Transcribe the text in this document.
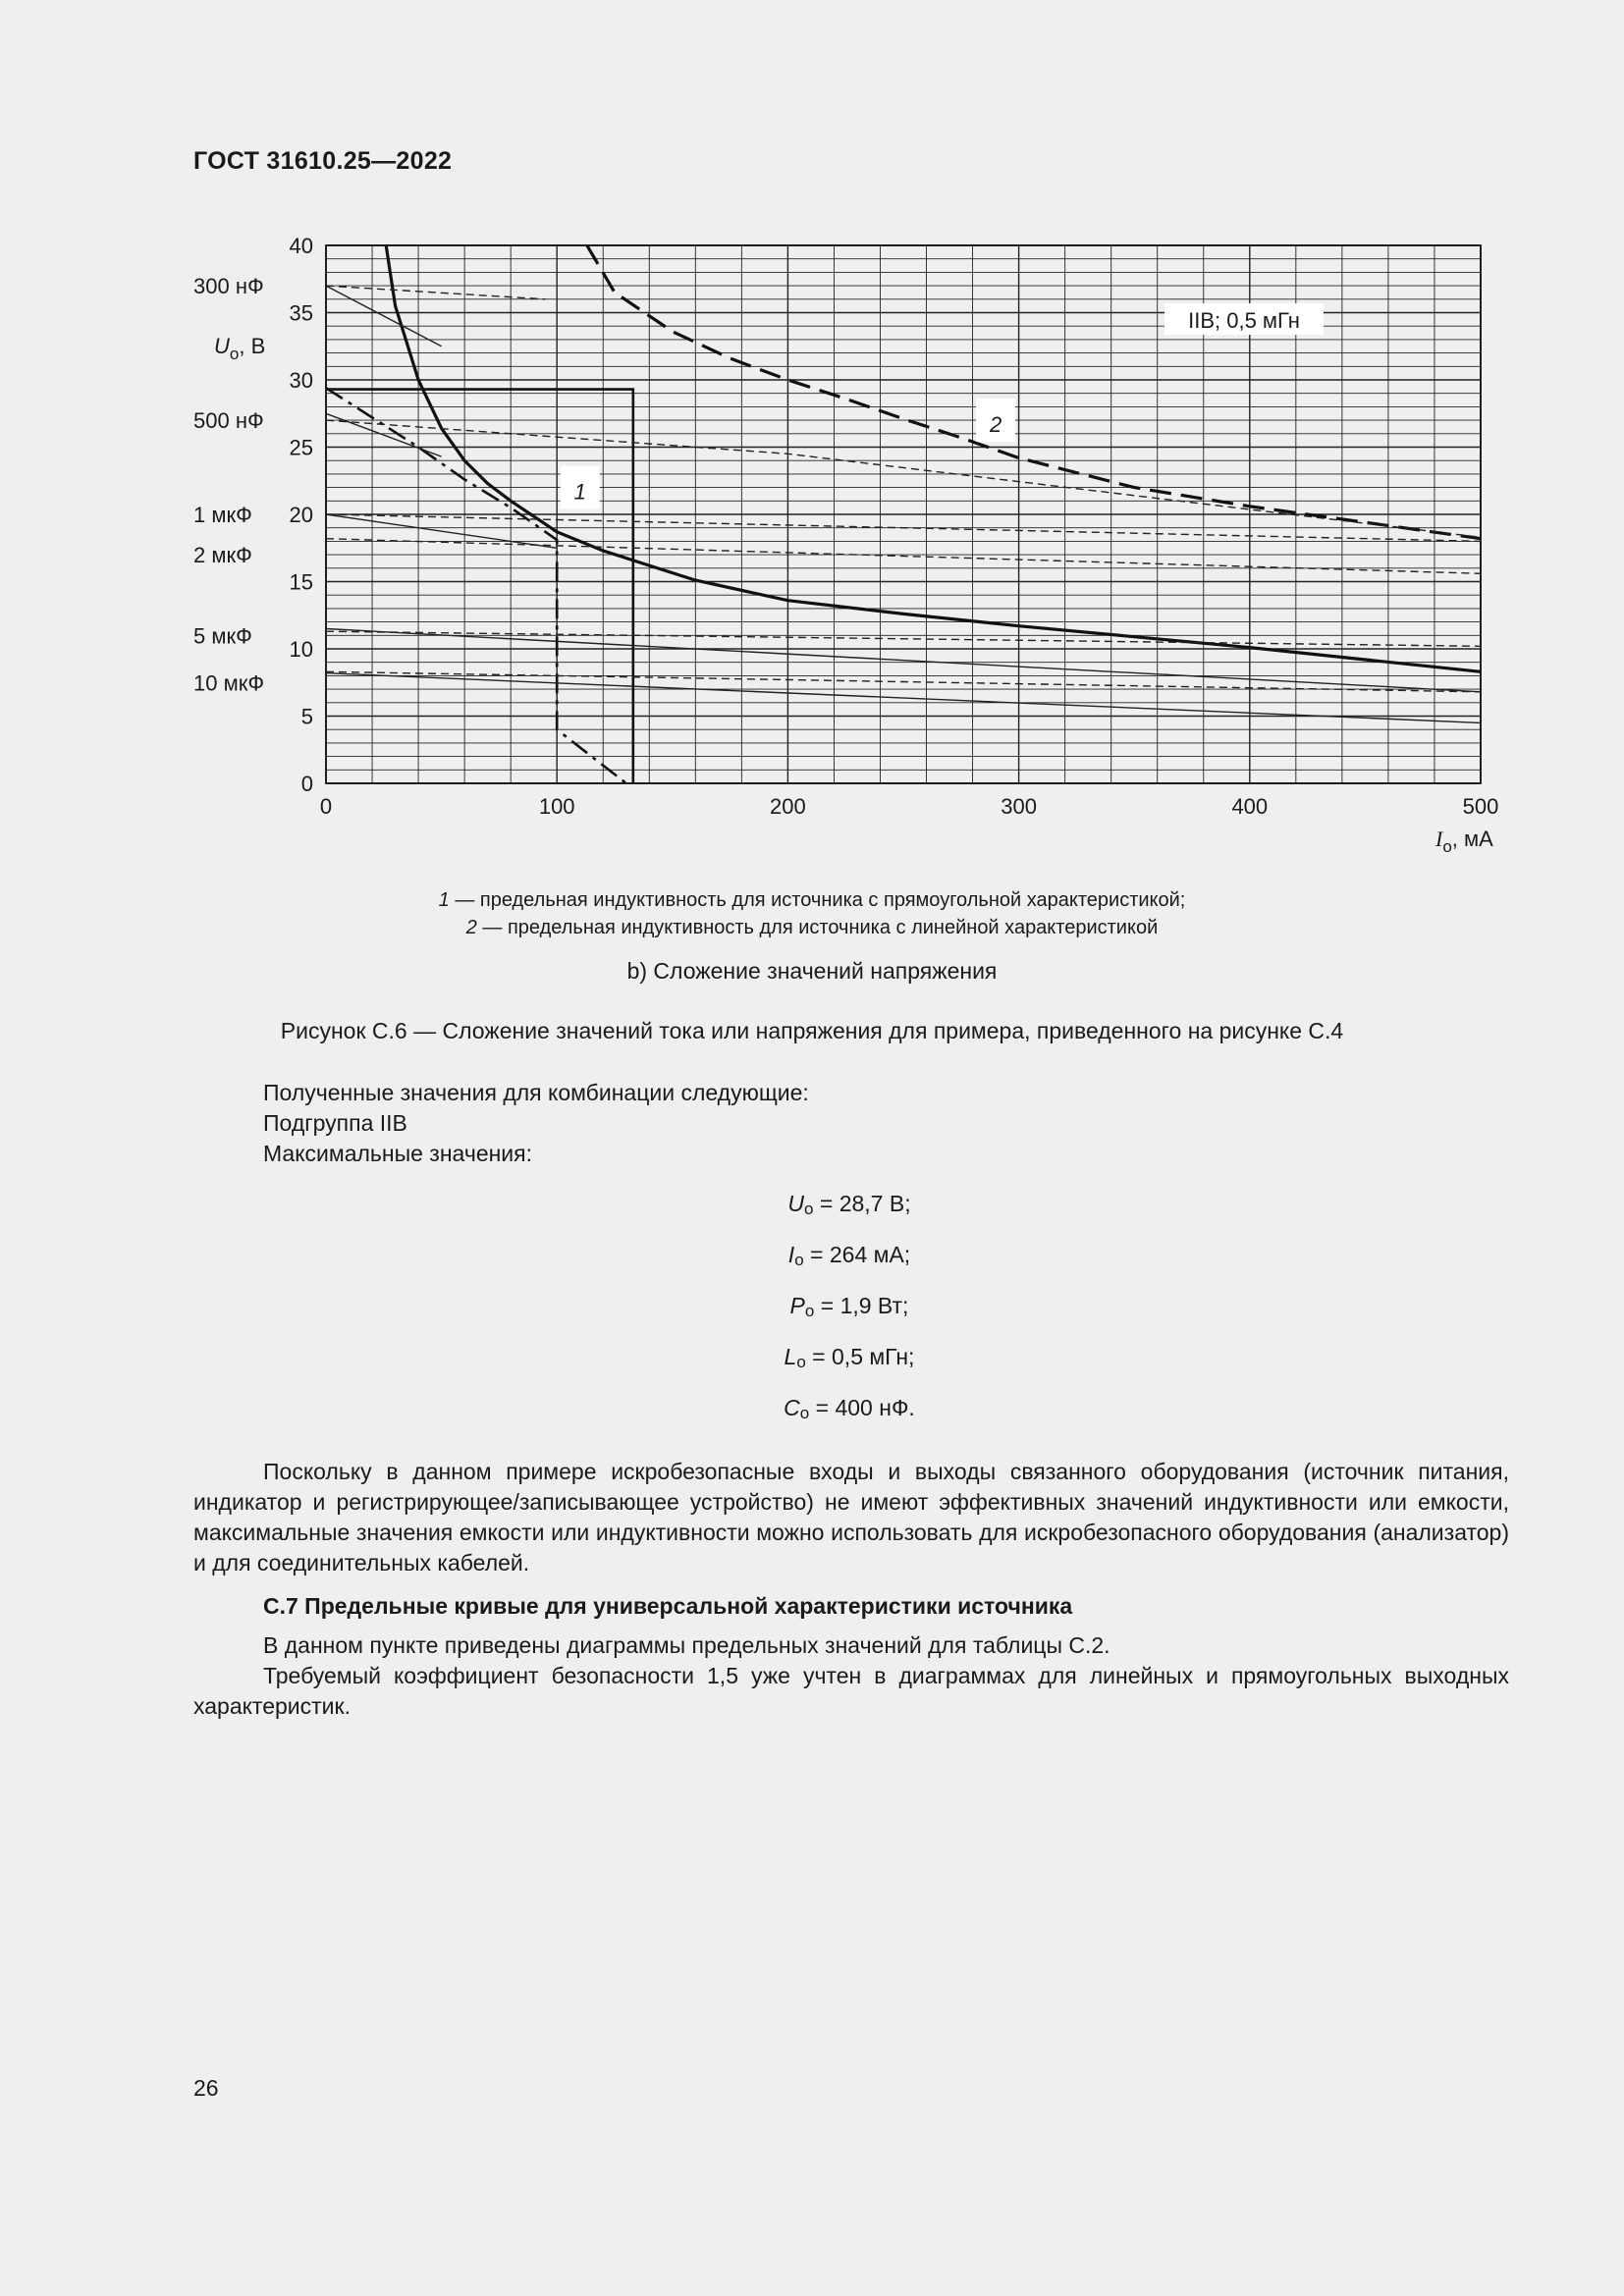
ГОСТ 31610.25—2022
0	100	200	300	400	500
0
5
10
15
20
25
30
35
40
300 нФ
500 нФ
1 мкФ
2 мкФ
5 мкФ
10 мкФ
$U_o$, В
$I_o$, мА
IIB; 0,5 мГн
1
2
1 — предельная индуктивность для источника с прямоугольной характеристикой;
2 — предельная индуктивность для источника с линейной характеристикой
b) Сложение значений напряжения
Рисунок С.6 — Сложение значений тока или напряжения для примера, приведенного на рисунке С.4
Полученные значения для комбинации следующие:
Подгруппа IIB
Максимальные значения:
$U_o = 28,7$ В;
$I_o = 264$ мА;
$P_o = 1,9$ Вт;
$L_o = 0,5$ мГн;
$C_o = 400$ нФ.
Поскольку в данном примере искробезопасные входы и выходы связанного оборудования (источник питания, индикатор и регистрирующее/записывающее устройство) не имеют эффективных значений индуктивности или емкости, максимальные значения емкости или индуктивности можно использовать для искробезопасного оборудования (анализатор) и для соединительных кабелей.
С.7 Предельные кривые для универсальной характеристики источника
В данном пункте приведены диаграммы предельных значений для таблицы С.2.
Требуемый коэффициент безопасности 1,5 уже учтен в диаграммах для линейных и прямоугольных выходных характеристик.
26
